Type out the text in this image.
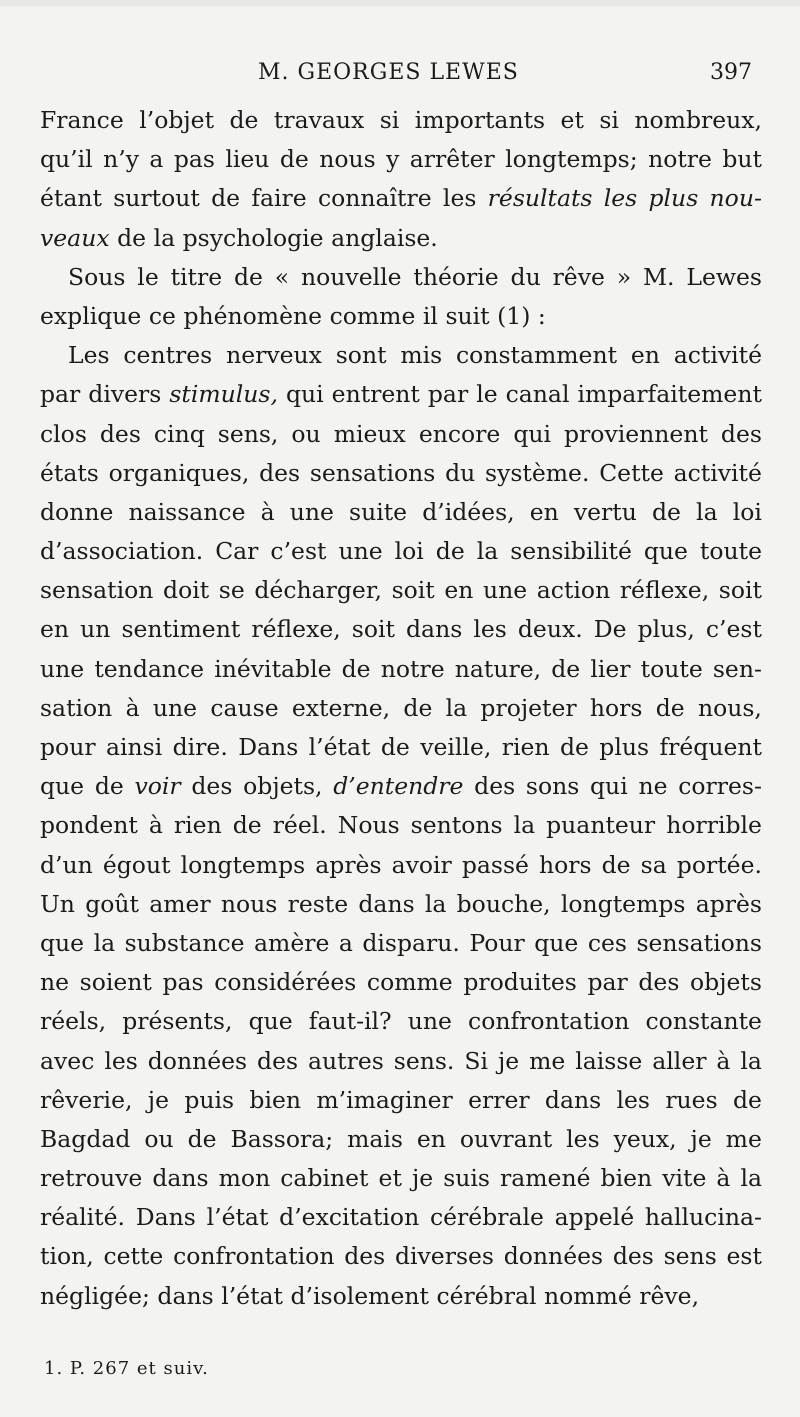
M. GEORGES LEWES	397
France l’objet de travaux si importants et si nombreux,
qu’il n’y a pas lieu de nous y arrêter longtemps; notre but
étant surtout de faire connaître les résultats les plus nou-
veaux de la psychologie anglaise.
Sous le titre de « nouvelle théorie du rêve » M. Lewes
explique ce phénomène comme il suit (1) :
Les centres nerveux sont mis constamment en activité
par divers stimulus, qui entrent par le canal imparfaitement
clos des cinq sens, ou mieux encore qui proviennent des
états organiques, des sensations du système. Cette activité
donne naissance à une suite d’idées, en vertu de la loi
d’association. Car c’est une loi de la sensibilité que toute
sensation doit se décharger, soit en une action réflexe, soit
en un sentiment réflexe, soit dans les deux. De plus, c’est
une tendance inévitable de notre nature, de lier toute sen-
sation à une cause externe, de la projeter hors de nous,
pour ainsi dire. Dans l’état de veille, rien de plus fréquent
que de voir des objets, d’entendre des sons qui ne corres-
pondent à rien de réel. Nous sentons la puanteur horrible
d’un égout longtemps après avoir passé hors de sa portée.
Un goût amer nous reste dans la bouche, longtemps après
que la substance amère a disparu. Pour que ces sensations
ne soient pas considérées comme produites par des objets
réels, présents, que faut-il? une confrontation constante
avec les données des autres sens. Si je me laisse aller à la
rêverie, je puis bien m’imaginer errer dans les rues de
Bagdad ou de Bassora; mais en ouvrant les yeux, je me
retrouve dans mon cabinet et je suis ramené bien vite à la
réalité. Dans l’état d’excitation cérébrale appelé hallucina-
tion, cette confrontation des diverses données des sens est
négligée; dans l’état d’isolement cérébral nommé rêve,
1. P. 267 et suiv.
